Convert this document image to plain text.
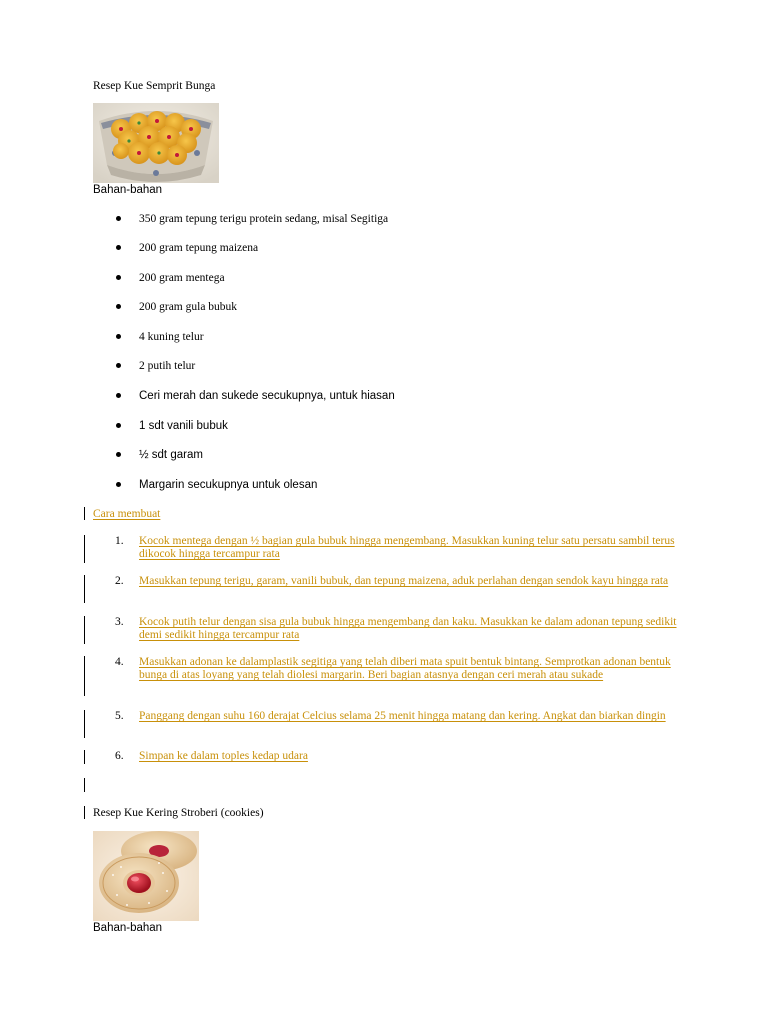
Resep Kue Semprit Bunga
Bahan-bahan
350 gram tepung terigu protein sedang, misal Segitiga
200 gram tepung maizena
200 gram mentega
200 gram gula bubuk
4 kuning telur
2 putih telur
Ceri merah dan sukede secukupnya, untuk hiasan
1 sdt vanili bubuk
½ sdt garam
Margarin secukupnya untuk olesan
Cara membuat
1. Kocok mentega dengan ½ bagian gula bubuk hingga mengembang. Masukkan kuning telur satu persatu sambil terus dikocok hingga tercampur rata
2. Masukkan tepung terigu, garam, vanili bubuk, dan tepung maizena, aduk perlahan dengan sendok kayu hingga rata
3. Kocok putih telur dengan sisa gula bubuk hingga mengembang dan kaku. Masukkan ke dalam adonan tepung sedikit demi sedikit hingga tercampur rata
4. Masukkan adonan ke dalamplastik segitiga yang telah diberi mata spuit bentuk bintang. Semprotkan adonan bentuk bunga di atas loyang yang telah diolesi margarin. Beri bagian atasnya dengan ceri merah atau sukade
5. Panggang dengan suhu 160 derajat Celcius selama 25 menit hingga matang dan kering. Angkat dan biarkan dingin
6. Simpan ke dalam toples kedap udara
Resep Kue Kering Stroberi (cookies)
Bahan-bahan
